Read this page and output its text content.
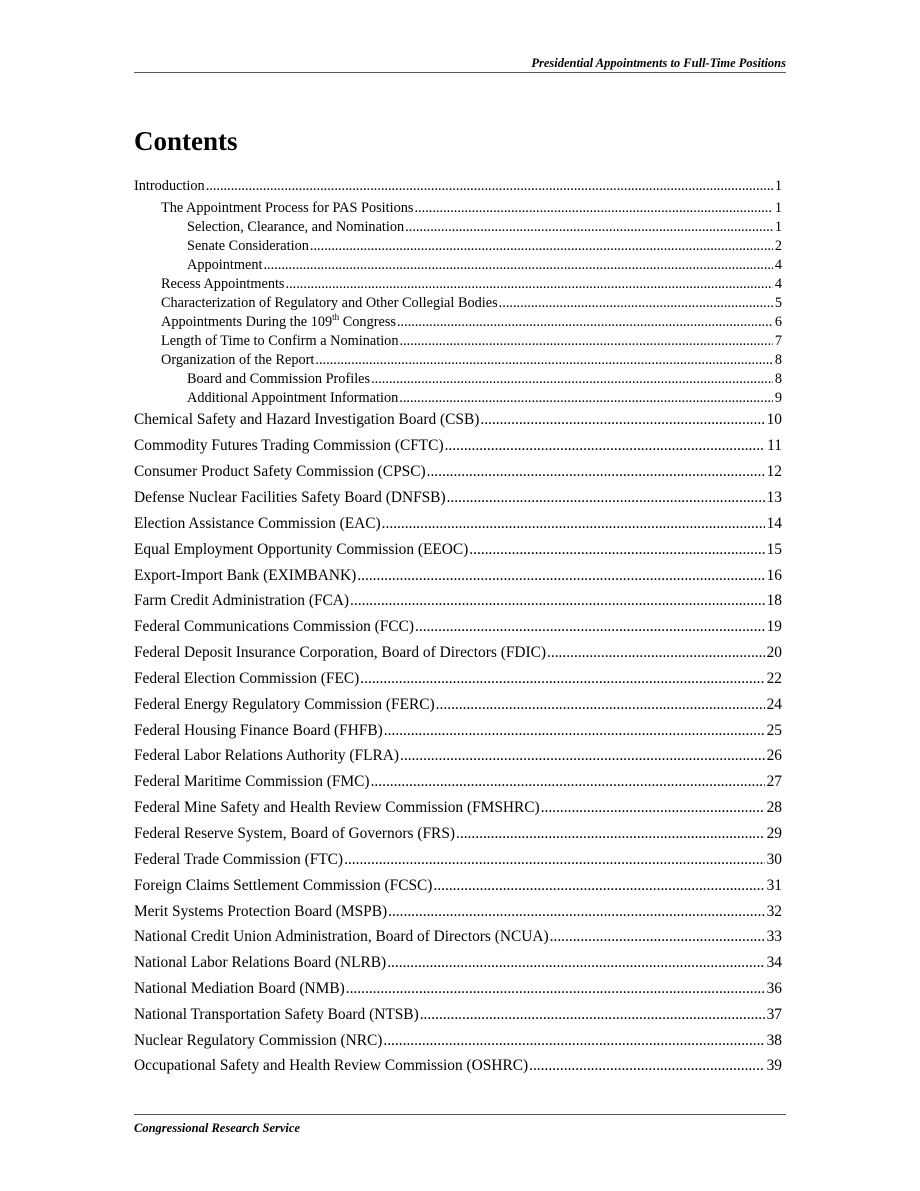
Presidential Appointments to Full-Time Positions
Contents
Introduction .....	1
The Appointment Process for PAS Positions .....	1
Selection, Clearance, and Nomination .....	1
Senate Consideration .....	2
Appointment .....	4
Recess Appointments .....	4
Characterization of Regulatory and Other Collegial Bodies .....	5
Appointments During the 109th Congress .....	6
Length of Time to Confirm a Nomination .....	7
Organization of the Report .....	8
Board and Commission Profiles .....	8
Additional Appointment Information .....	9
Chemical Safety and Hazard Investigation Board (CSB) .....	10
Commodity Futures Trading Commission (CFTC) .....	11
Consumer Product Safety Commission (CPSC) .....	12
Defense Nuclear Facilities Safety Board (DNFSB) .....	13
Election Assistance Commission (EAC) .....	14
Equal Employment Opportunity Commission (EEOC) .....	15
Export-Import Bank (EXIMBANK) .....	16
Farm Credit Administration (FCA) .....	18
Federal Communications Commission (FCC) .....	19
Federal Deposit Insurance Corporation, Board of Directors (FDIC) .....	20
Federal Election Commission (FEC) .....	22
Federal Energy Regulatory Commission (FERC) .....	24
Federal Housing Finance Board (FHFB) .....	25
Federal Labor Relations Authority (FLRA) .....	26
Federal Maritime Commission (FMC) .....	27
Federal Mine Safety and Health Review Commission (FMSHRC) .....	28
Federal Reserve System, Board of Governors (FRS) .....	29
Federal Trade Commission (FTC) .....	30
Foreign Claims Settlement Commission (FCSC) .....	31
Merit Systems Protection Board (MSPB) .....	32
National Credit Union Administration, Board of Directors (NCUA) .....	33
National Labor Relations Board (NLRB) .....	34
National Mediation Board (NMB) .....	36
National Transportation Safety Board (NTSB) .....	37
Nuclear Regulatory Commission (NRC) .....	38
Occupational Safety and Health Review Commission (OSHRC) .....	39
Congressional Research Service
